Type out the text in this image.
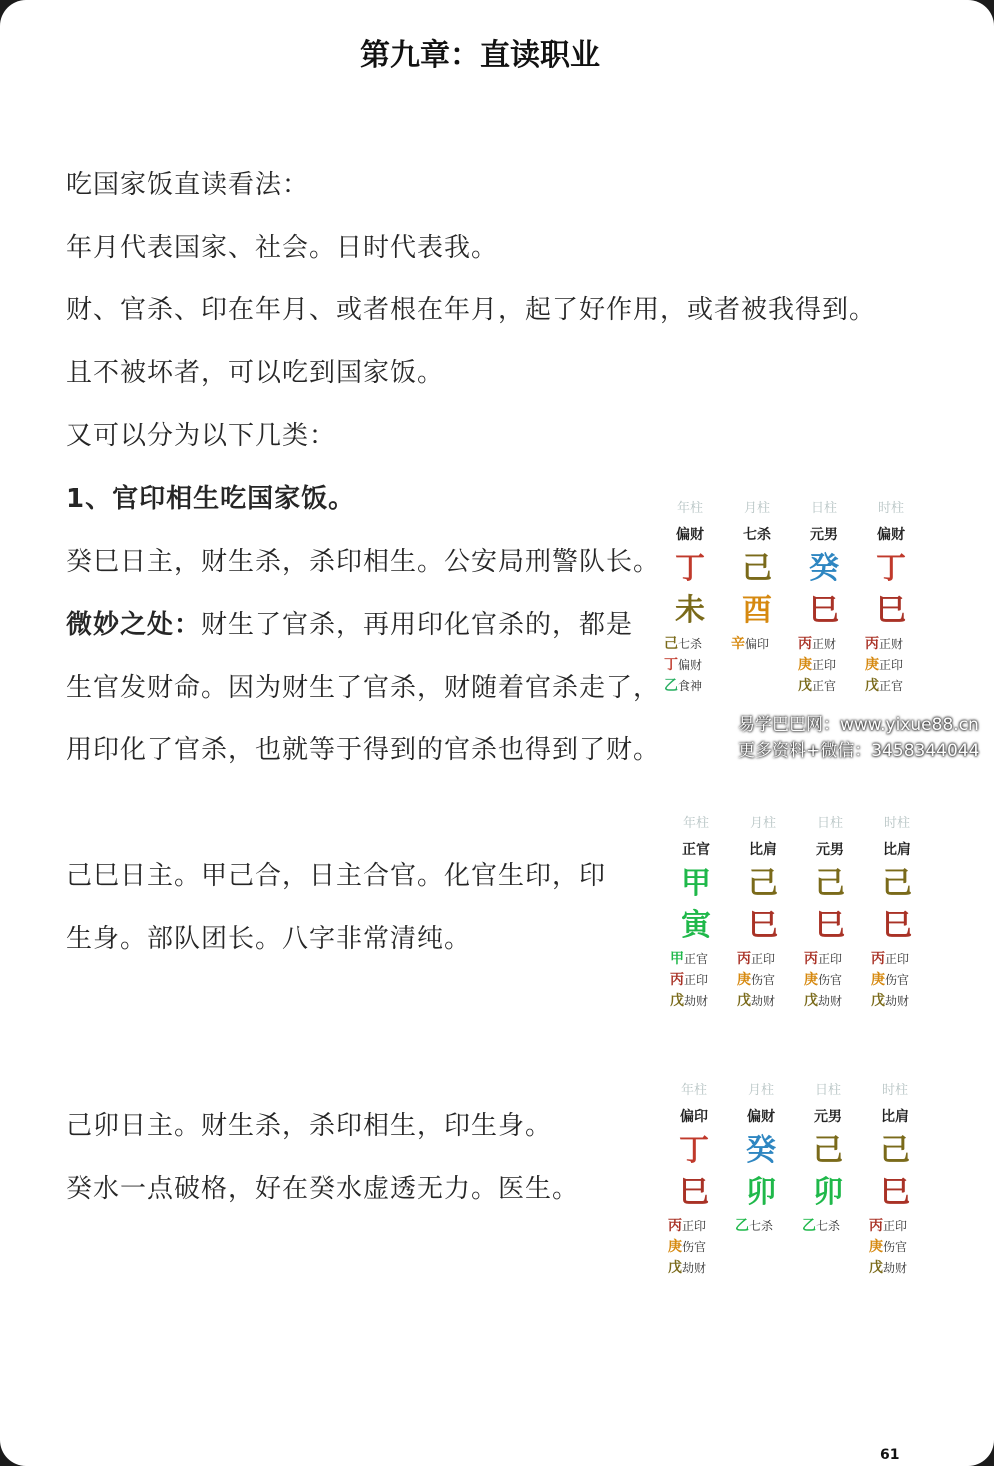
第九章：直读职业
吃国家饭直读看法：
年月代表国家、社会。日时代表我。
财、官杀、印在年月、或者根在年月，起了好作用，或者被我得到。
且不被坏者，可以吃到国家饭。
又可以分为以下几类：
1、官印相生吃国家饭。
癸巳日主，财生杀，杀印相生。公安局刑警队长。
微妙之处：财生了官杀，再用印化官杀的，都是
生官发财命。因为财生了官杀，财随着官杀走了，
用印化了官杀，也就等于得到的官杀也得到了财。
己巳日主。甲己合，日主合官。化官生印，印
生身。部队团长。八字非常清纯。
己卯日主。财生杀，杀印相生，印生身。
癸水一点破格，好在癸水虚透无力。医生。
年柱
偏财
丁
未
己七杀
丁偏财
乙食神
月柱
七杀
己
酉
辛偏印
日柱
元男
癸
巳
丙正财
庚正印
戊正官
时柱
偏财
丁
巳
丙正财
庚正印
戊正官
年柱
正官
甲
寅
甲正官
丙正印
戊劫财
月柱
比肩
己
巳
丙正印
庚伤官
戊劫财
日柱
元男
己
巳
丙正印
庚伤官
戊劫财
时柱
比肩
己
巳
丙正印
庚伤官
戊劫财
年柱
偏印
丁
巳
丙正印
庚伤官
戊劫财
月柱
偏财
癸
卯
乙七杀
日柱
元男
己
卯
乙七杀
时柱
比肩
己
巳
丙正印
庚伤官
戊劫财
易学巴巴网：www.yixue88.cn
更多资料+微信：3458344044
61
